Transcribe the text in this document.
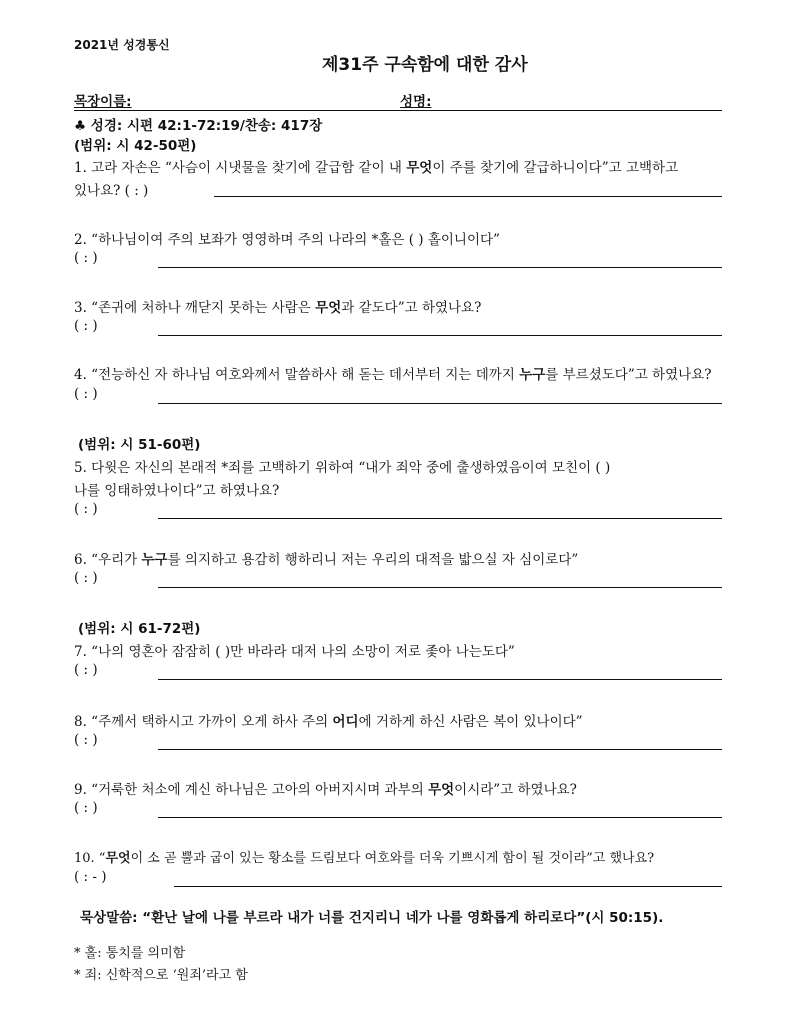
2021년 성경통신
제31주 구속함에 대한 감사
목장이름:	성명:
♣ 성경: 시편 42:1-72:19/찬송: 417장
(범위: 시 42-50편)
1. 고라 자손은 “사슴이 시냇물을 찾기에 갈급함 같이 내 무엇이 주를 찾기에 갈급하니이다”고 고백하고
있나요? ( : )
2. “하나님이여 주의 보좌가 영영하며 주의 나라의 *홀은 ( ) 홀이니이다”
( : )
3. “존귀에 처하나 깨닫지 못하는 사람은 무엇과 같도다”고 하였나요?
( : )
4. “전능하신 자 하나님 여호와께서 말씀하사 해 돋는 데서부터 지는 데까지 누구를 부르셨도다”고 하였나요?
( : )
(범위: 시 51-60편)
5. 다윗은 자신의 본래적 *죄를 고백하기 위하여 “내가 죄악 중에 출생하였음이여 모친이 ( )
나를 잉태하였나이다”고 하였나요?
( : )
6. “우리가 누구를 의지하고 용감히 행하리니 저는 우리의 대적을 밟으실 자 심이로다”
( : )
(범위: 시 61-72편)
7. “나의 영혼아 잠잠히 ( )만 바라라 대저 나의 소망이 저로 좇아 나는도다”
( : )
8. “주께서 택하시고 가까이 오게 하사 주의 어디에 거하게 하신 사람은 복이 있나이다”
( : )
9. “거룩한 처소에 계신 하나님은 고아의 아버지시며 과부의 무엇이시라”고 하였나요?
( : )
10. “무엇이 소 곧 뿔과 굽이 있는 황소를 드림보다 여호와를 더욱 기쁘시게 함이 될 것이라”고 했나요?
( : - )
묵상말씀: “환난 날에 나를 부르라 내가 너를 건지리니 네가 나를 영화롭게 하리로다”(시 50:15).
* 홀: 통치를 의미함
* 죄: 신학적으로 ‘원죄’라고 함
